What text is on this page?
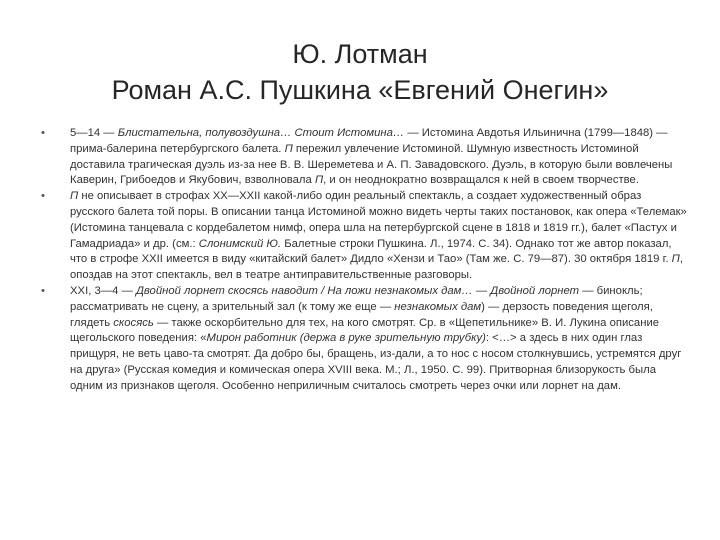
Ю. Лотман
Роман А.С. Пушкина «Евгений Онегин»
•	5—14 — Блистательна, полувоздушна… Стоит Истомина… — Истомина Авдотья Ильинична (1799—1848) — прима-балерина петербургского балета. П пережил увлечение Истоминой. Шумную известность Истоминой доставила трагическая дуэль из-за нее В. В. Шереметева и А. П. Завадовского. Дуэль, в которую были вовлечены Каверин, Грибоедов и Якубович, взволновала П, и он неоднократно возвращался к ней в своем творчестве.

•	П не описывает в строфах XX—XXII какой-либо один реальный спектакль, а создает художественный образ русского балета той поры. В описании танца Истоминой можно видеть черты таких постановок, как опера «Телемак» (Истомина танцевала с кордебалетом нимф, опера шла на петербургской сцене в 1818 и 1819 гг.), балет «Пастух и Гамадриада» и др. (см.: Слонимский Ю. Балетные строки Пушкина. Л., 1974. С. 34). Однако тот же автор показал, что в строфе XXII имеется в виду «китайский балет» Дидло «Хензи и Тао» (Там же. С. 79—87). 30 октября 1819 г. П, опоздав на этот спектакль, вел в театре антиправительственные разговоры.

•	XXI, 3—4 — Двойной лорнет скосясь наводит / На ложи незнакомых дам… — Двойной лорнет — бинокль; рассматривать не сцену, а зрительный зал (к тому же еще — незнакомых дам) — дерзость поведения щеголя, глядеть скосясь — также оскорбительно для тех, на кого смотрят. Ср. в «Щепетильнике» В. И. Лукина описание щегольского поведения: «Мирон работник (держа в руке зрительную трубку): <…> а здесь в них один глаз прищуря, не веть цаво-та смотрят. Да добро бы, бращень, из-дали, а то нос с носом столкнувшись, устремятся друг на друга» (Русская комедия и комическая опера XVIII века. М.; Л., 1950. С. 99). Притворная близорукость была одним из признаков щеголя. Особенно неприличным считалось смотреть через очки или лорнет на дам.
